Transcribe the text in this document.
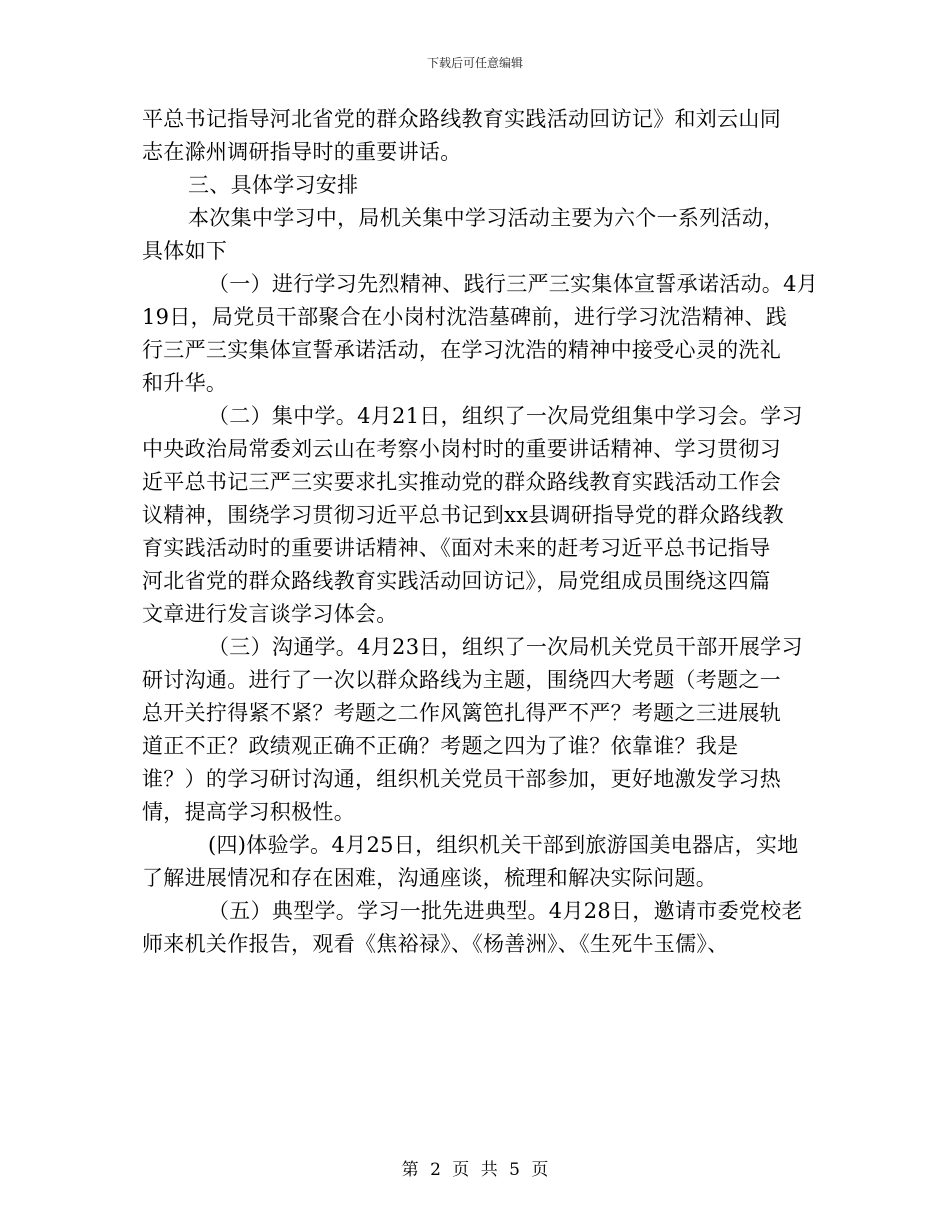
下载后可任意编辑
平总书记指导河北省党的群众路线教育实践活动回访记》和刘云山同
志在滁州调研指导时的重要讲话。
三、具体学习安排
本次集中学习中，局机关集中学习活动主要为六个一系列活动，
具体如下
（一）进行学习先烈精神、践行三严三实集体宣誓承诺活动。4月
19日，局党员干部聚合在小岗村沈浩墓碑前，进行学习沈浩精神、践
行三严三实集体宣誓承诺活动，在学习沈浩的精神中接受心灵的洗礼
和升华。
（二）集中学。4月21日，组织了一次局党组集中学习会。学习
中央政治局常委刘云山在考察小岗村时的重要讲话精神、学习贯彻习
近平总书记三严三实要求扎实推动党的群众路线教育实践活动工作会
议精神，围绕学习贯彻习近平总书记到xx县调研指导党的群众路线教
育实践活动时的重要讲话精神、《面对未来的赶考习近平总书记指导
河北省党的群众路线教育实践活动回访记》，局党组成员围绕这四篇
文章进行发言谈学习体会。
（三）沟通学。4月23日，组织了一次局机关党员干部开展学习
研讨沟通。进行了一次以群众路线为主题，围绕四大考题（考题之一
总开关拧得紧不紧？考题之二作风篱笆扎得严不严？考题之三进展轨
道正不正？政绩观正确不正确？考题之四为了谁？依靠谁？我是
谁？）的学习研讨沟通，组织机关党员干部参加，更好地激发学习热
情，提高学习积极性。
(四)体验学。4月25日，组织机关干部到旅游国美电器店，实地
了解进展情况和存在困难，沟通座谈，梳理和解决实际问题。
（五）典型学。学习一批先进典型。4月28日，邀请市委党校老
师来机关作报告，观看《焦裕禄》、《杨善洲》、《生死牛玉儒》、
第 2 页 共 5 页
